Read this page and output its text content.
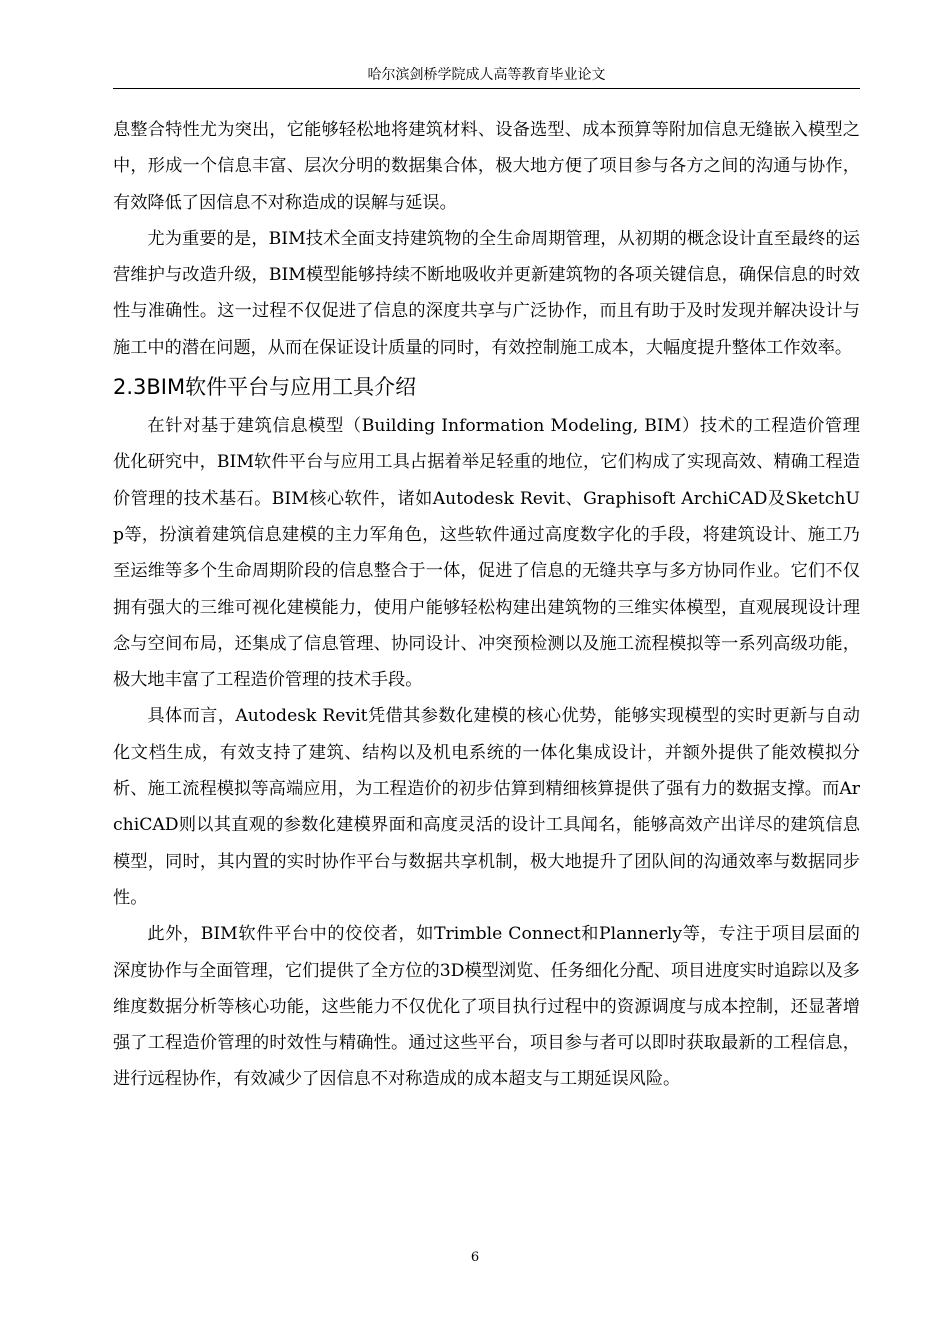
哈尔滨剑桥学院成人高等教育毕业论文

息整合特性尤为突出，它能够轻松地将建筑材料、设备选型、成本预算等附加信息无缝嵌入模型之中，形成一个信息丰富、层次分明的数据集合体，极大地方便了项目参与各方之间的沟通与协作，有效降低了因信息不对称造成的误解与延误。

尤为重要的是，BIM技术全面支持建筑物的全生命周期管理，从初期的概念设计直至最终的运营维护与改造升级，BIM模型能够持续不断地吸收并更新建筑物的各项关键信息，确保信息的时效性与准确性。这一过程不仅促进了信息的深度共享与广泛协作，而且有助于及时发现并解决设计与施工中的潜在问题，从而在保证设计质量的同时，有效控制施工成本，大幅度提升整体工作效率。

2.3BIM软件平台与应用工具介绍

在针对基于建筑信息模型（Building Information Modeling, BIM）技术的工程造价管理优化研究中，BIM软件平台与应用工具占据着举足轻重的地位，它们构成了实现高效、精确工程造价管理的技术基石。BIM核心软件，诸如Autodesk Revit、Graphisoft ArchiCAD及SketchUp等，扮演着建筑信息建模的主力军角色，这些软件通过高度数字化的手段，将建筑设计、施工乃至运维等多个生命周期阶段的信息整合于一体，促进了信息的无缝共享与多方协同作业。它们不仅拥有强大的三维可视化建模能力，使用户能够轻松构建出建筑物的三维实体模型，直观展现设计理念与空间布局，还集成了信息管理、协同设计、冲突预检测以及施工流程模拟等一系列高级功能，极大地丰富了工程造价管理的技术手段。

具体而言，Autodesk Revit凭借其参数化建模的核心优势，能够实现模型的实时更新与自动化文档生成，有效支持了建筑、结构以及机电系统的一体化集成设计，并额外提供了能效模拟分析、施工流程模拟等高端应用，为工程造价的初步估算到精细核算提供了强有力的数据支撑。而ArchiCAD则以其直观的参数化建模界面和高度灵活的设计工具闻名，能够高效产出详尽的建筑信息模型，同时，其内置的实时协作平台与数据共享机制，极大地提升了团队间的沟通效率与数据同步性。

此外，BIM软件平台中的佼佼者，如Trimble Connect和Plannerly等，专注于项目层面的深度协作与全面管理，它们提供了全方位的3D模型浏览、任务细化分配、项目进度实时追踪以及多维度数据分析等核心功能，这些能力不仅优化了项目执行过程中的资源调度与成本控制，还显著增强了工程造价管理的时效性与精确性。通过这些平台，项目参与者可以即时获取最新的工程信息，进行远程协作，有效减少了因信息不对称造成的成本超支与工期延误风险。

6
